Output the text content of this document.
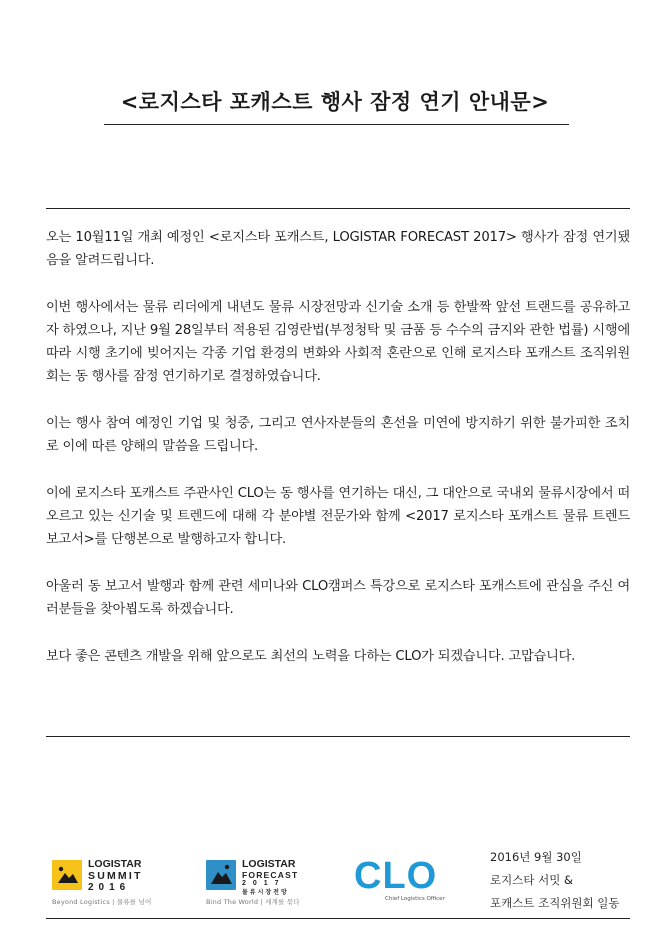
<로지스타 포캐스트 행사 잠정 연기 안내문>

오는 10월11일 개최 예정인 <로지스타 포캐스트, LOGISTAR FORECAST 2017> 행사가 잠정 연기됐음을 알려드립니다.

이번 행사에서는 물류 리더에게 내년도 물류 시장전망과 신기술 소개 등 한발짝 앞선 트랜드를 공유하고자 하였으나, 지난 9월 28일부터 적용된 김영란법(부정청탁 및 금품 등 수수의 금지와 관한 법률) 시행에 따라 시행 초기에 빚어지는 각종 기업 환경의 변화와 사회적 혼란으로 인해 로지스타 포캐스트 조직위원회는 동 행사를 잠정 연기하기로 결정하였습니다.

이는 행사 참여 예정인 기업 및 청중, 그리고 연사자분들의 혼선을 미연에 방지하기 위한 불가피한 조치로 이에 따른 양해의 말씀을 드립니다.

이에 로지스타 포캐스트 주관사인 CLO는 동 행사를 연기하는 대신, 그 대안으로 국내외 물류시장에서 떠오르고 있는 신기술 및 트렌드에 대해 각 분야별 전문가와 함께 <2017 로지스타 포캐스트 물류 트렌드 보고서>를 단행본으로 발행하고자 합니다.

아울러 동 보고서 발행과 함께 관련 세미나와 CLO캠퍼스 특강으로 로지스타 포캐스트에 관심을 주신 여러분들을 찾아뵙도록 하겠습니다.

보다 좋은 콘텐츠 개발을 위해 앞으로도 최선의 노력을 다하는 CLO가 되겠습니다. 고맙습니다.

LOGISTAR
SUMMIT
2016
Beyond Logistics | 물류를 넘어
LOGISTAR
FORECAST
2017
물류시장전망
Bind The World | 세계를 묶다
CLO
Chief Logistics Officer
2016년 9월 30일
로지스타 서밋 &
포캐스트 조직위원회 일동
